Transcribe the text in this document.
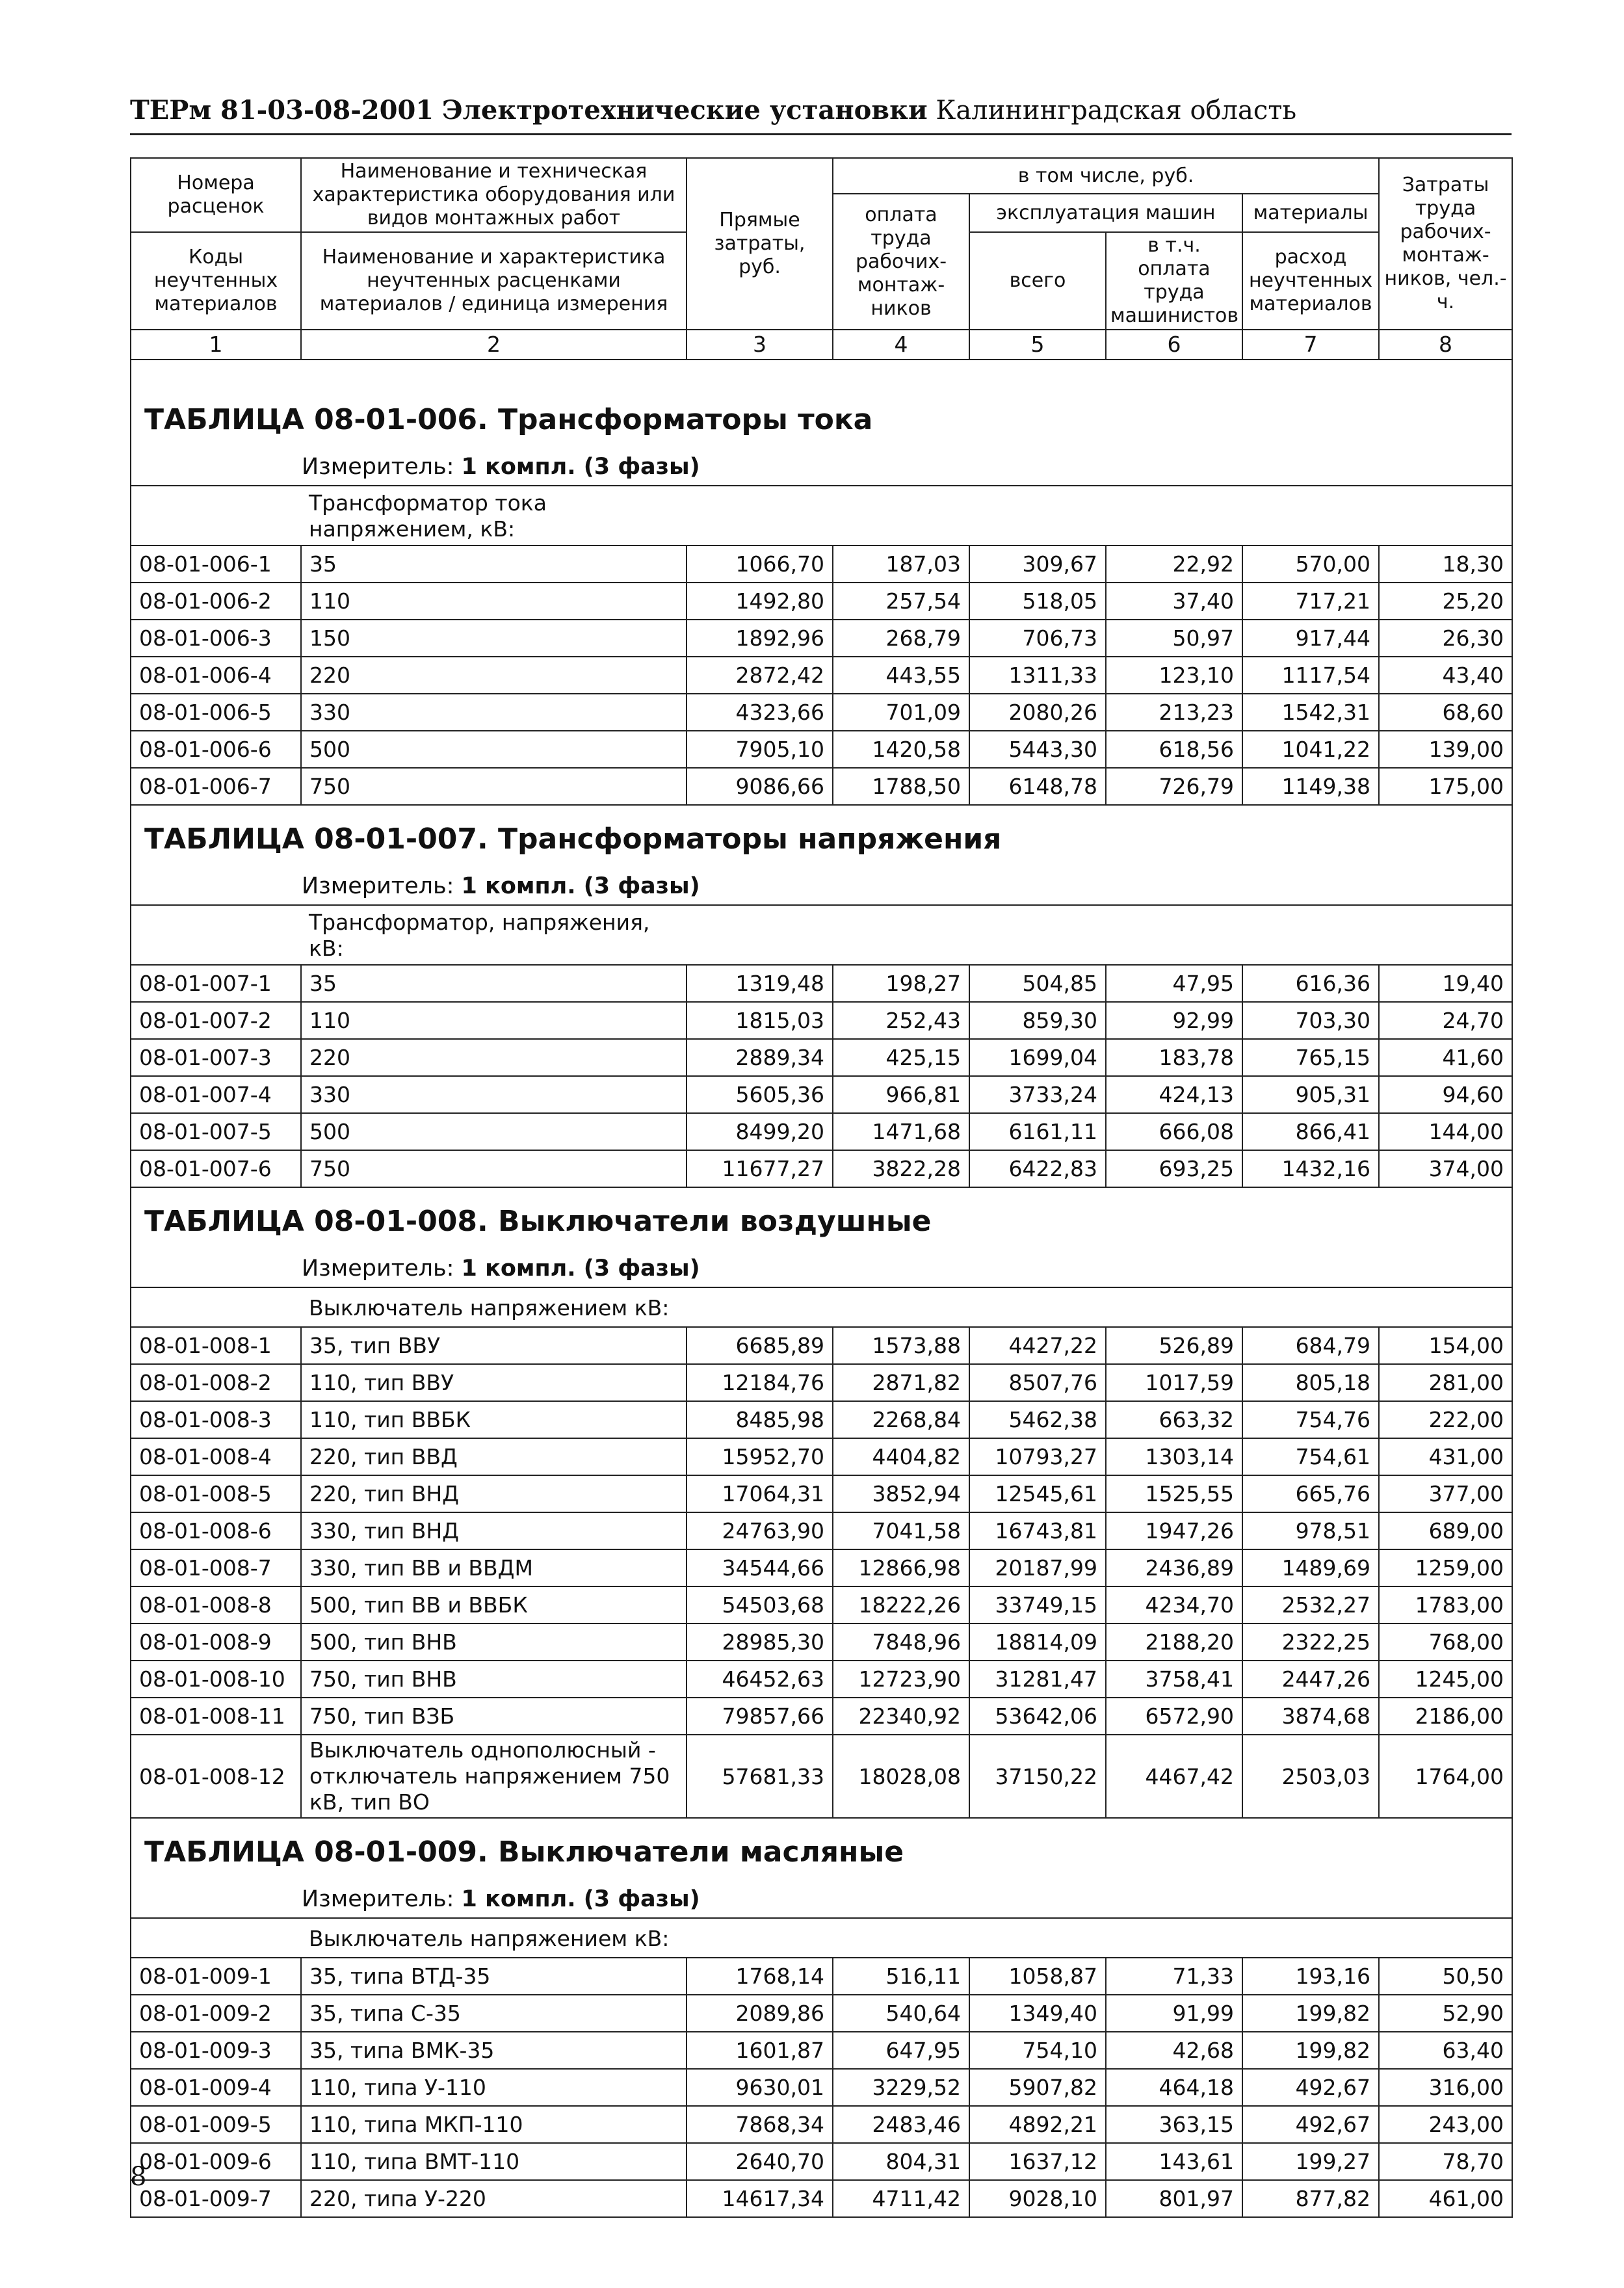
ТЕРм 81-03-08-2001 Электротехнические установки Калининградская область
Номера расценок	Наименование и техническая характеристика оборудования или видов монтажных работ	Прямые затраты, руб.	в том числе, руб.				Затраты труда рабочих-монтаж-ников, чел.-ч.
			оплата труда рабочих-монтаж-ников	эксплуатация машин		материалы	
Коды неучтенных материалов	Наименование и характеристика неучтенных расценками материалов / единица измерения			всего	в т.ч. оплата труда машинистов	расход неучтенных материалов	

1	2	3	4	5	6	7	8

ТАБЛИЦА 08-01-006. Трансформаторы тока							
Измеритель: 1 компл. (3 фазы)							
	Трансформатор тока напряжением, кВ:						
08-01-006-1	35	1066,70	187,03	309,67	22,92	570,00	18,30
08-01-006-2	110	1492,80	257,54	518,05	37,40	717,21	25,20
08-01-006-3	150	1892,96	268,79	706,73	50,97	917,44	26,30
08-01-006-4	220	2872,42	443,55	1311,33	123,10	1117,54	43,40
08-01-006-5	330	4323,66	701,09	2080,26	213,23	1542,31	68,60
08-01-006-6	500	7905,10	1420,58	5443,30	618,56	1041,22	139,00
08-01-006-7	750	9086,66	1788,50	6148,78	726,79	1149,38	175,00
ТАБЛИЦА 08-01-007. Трансформаторы напряжения							
Измеритель: 1 компл. (3 фазы)							
	Трансформатор, напряжения, кВ:						
08-01-007-1	35	1319,48	198,27	504,85	47,95	616,36	19,40
08-01-007-2	110	1815,03	252,43	859,30	92,99	703,30	24,70
08-01-007-3	220	2889,34	425,15	1699,04	183,78	765,15	41,60
08-01-007-4	330	5605,36	966,81	3733,24	424,13	905,31	94,60
08-01-007-5	500	8499,20	1471,68	6161,11	666,08	866,41	144,00
08-01-007-6	750	11677,27	3822,28	6422,83	693,25	1432,16	374,00
ТАБЛИЦА 08-01-008. Выключатели воздушные							
Измеритель: 1 компл. (3 фазы)							
	Выключатель напряжением кВ:						
08-01-008-1	35, тип ВВУ	6685,89	1573,88	4427,22	526,89	684,79	154,00
08-01-008-2	110, тип ВВУ	12184,76	2871,82	8507,76	1017,59	805,18	281,00
08-01-008-3	110, тип ВВБК	8485,98	2268,84	5462,38	663,32	754,76	222,00
08-01-008-4	220, тип ВВД	15952,70	4404,82	10793,27	1303,14	754,61	431,00
08-01-008-5	220, тип ВНД	17064,31	3852,94	12545,61	1525,55	665,76	377,00
08-01-008-6	330, тип ВНД	24763,90	7041,58	16743,81	1947,26	978,51	689,00
08-01-008-7	330, тип ВВ и ВВДМ	34544,66	12866,98	20187,99	2436,89	1489,69	1259,00
08-01-008-8	500, тип ВВ и ВВБК	54503,68	18222,26	33749,15	4234,70	2532,27	1783,00
08-01-008-9	500, тип ВНВ	28985,30	7848,96	18814,09	2188,20	2322,25	768,00
08-01-008-10	750, тип ВНВ	46452,63	12723,90	31281,47	3758,41	2447,26	1245,00
08-01-008-11	750, тип ВЗБ	79857,66	22340,92	53642,06	6572,90	3874,68	2186,00
08-01-008-12	Выключатель однополюсный - отключатель напряжением 750 кВ, тип ВО	57681,33	18028,08	37150,22	4467,42	2503,03	1764,00
ТАБЛИЦА 08-01-009. Выключатели масляные							
Измеритель: 1 компл. (3 фазы)							
	Выключатель напряжением кВ:						
08-01-009-1	35, типа ВТД-35	1768,14	516,11	1058,87	71,33	193,16	50,50
08-01-009-2	35, типа С-35	2089,86	540,64	1349,40	91,99	199,82	52,90
08-01-009-3	35, типа ВМК-35	1601,87	647,95	754,10	42,68	199,82	63,40
08-01-009-4	110, типа У-110	9630,01	3229,52	5907,82	464,18	492,67	316,00
08-01-009-5	110, типа МКП-110	7868,34	2483,46	4892,21	363,15	492,67	243,00
08-01-009-6	110, типа ВМТ-110	2640,70	804,31	1637,12	143,61	199,27	78,70
08-01-009-7	220, типа У-220	14617,34	4711,42	9028,10	801,97	877,82	461,00
8
